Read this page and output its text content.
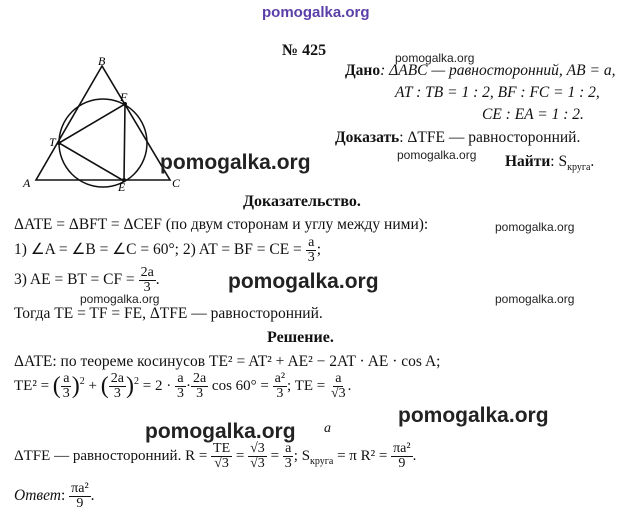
pomogalka.org
B
A	C
T
F
E
№ 425	pomogalka.org
Дано: ΔABC — равносторонний, AB = a,
AT : TB = 1 : 2, BF : FC = 1 : 2,
CE : EA = 1 : 2.
Доказать: ΔTFE — равносторонний.
pomogalka.org Найти: $S_{круга}$.
pomogalka.org
Доказательство.
ΔATE = ΔBFT = ΔCEF (по двум сторонам и углу между ними):	pomogalka.org
1) ∠A = ∠B = ∠C = 60°; 2) AT = BF = CE = $\frac{a}{3}$ ;
pomogalka.org
3) AE = BT = CF = $\frac{2a}{3}$ .
pomogalka.org	pomogalka.org
Тогда TE = TF = FE, ΔTFE — равносторонний.
Решение.
ΔATE: по теореме косинусов TE² = AT² + AE² − 2AT · AE · cos A;
TE² = ( $\frac{a}{3} )^2$ + ( $\frac{2a}{3} )^2 = 2 \cdot \frac{a}{3} \cdot \frac{2a}{3}$ $\cos 60^\circ = \frac{\text{a²}}{3}$ ; TE = $\frac{a}{√3}$ .
pomogalka.org
pomogalka.org a
ΔTFE — равносторонний. $R = \frac{TE}{√3} = \frac{√3}{√3} = \frac{a}{3}$ ; $S_{круга} = \pi$ $R^2 = \frac{\text{πa²}}{9}$ .
Ответ: $\frac{\text{πa²}}{9}$ .
